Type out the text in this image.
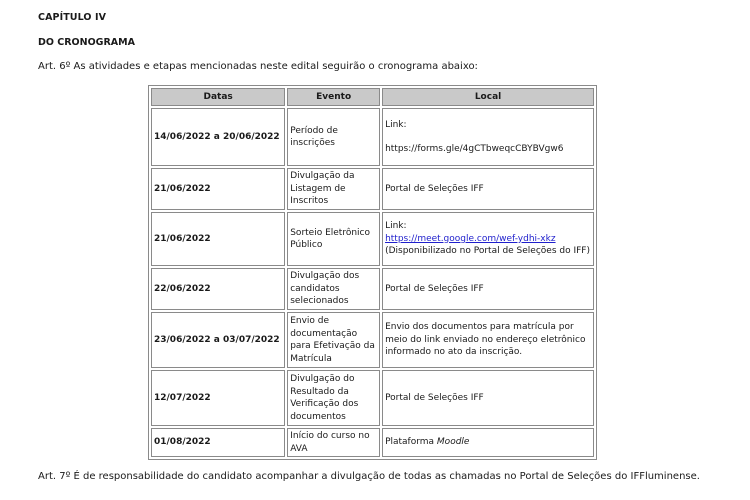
CAPÍTULO IV
DO CRONOGRAMA
Art. 6º As atividades e etapas mencionadas neste edital seguirão o cronograma abaixo:
Datas	Evento	Local
14/06/2022 a 20/06/2022	Período de inscrições	Link:
https://forms.gle/4gCTbweqcCBYBVgw6

21/06/2022	Divulgação da Listagem de Inscritos	Portal de Seleções IFF
21/06/2022	Sorteio Eletrônico Público	Link:
https://meet.google.com/wef-ydhi-xkz
(Disponibilizado no Portal de Seleções do IFF)

22/06/2022	Divulgação dos candidatos selecionados	Portal de Seleções IFF
23/06/2022 a 03/07/2022	Envio de documentação para Efetivação da Matrícula	Envio dos documentos para matrícula por meio do link enviado no endereço eletrônico informado no ato da inscrição.
12/07/2022	Divulgação do Resultado da Verificação dos documentos	Portal de Seleções IFF
01/08/2022	Início do curso no AVA	Plataforma Moodle
Art. 7º É de responsabilidade do candidato acompanhar a divulgação de todas as chamadas no Portal de Seleções do IFFluminense.
